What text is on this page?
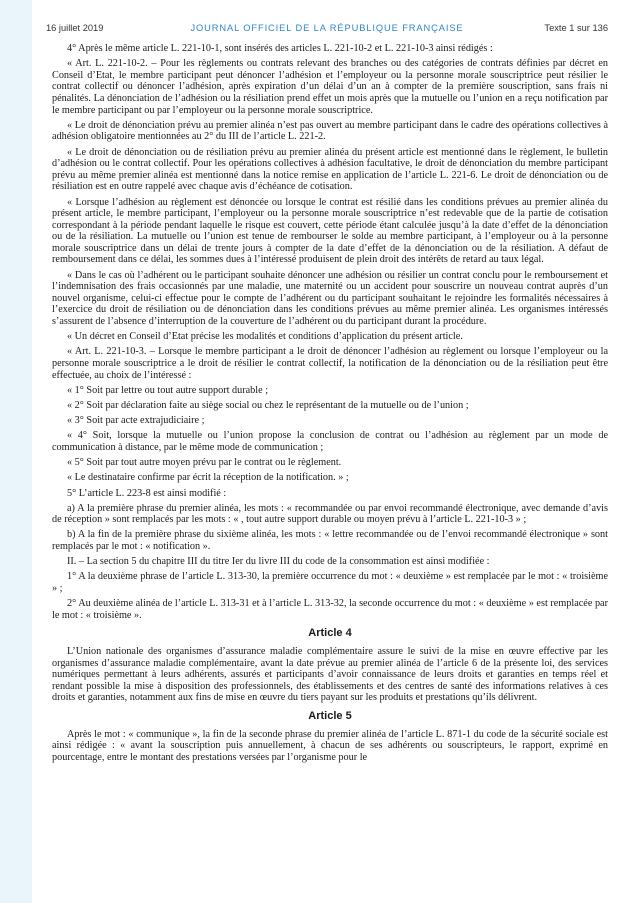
16 juillet 2019	JOURNAL OFFICIEL DE LA RÉPUBLIQUE FRANÇAISE	Texte 1 sur 136

4° Après le même article L. 221-10-1, sont insérés des articles L. 221-10-2 et L. 221-10-3 ainsi rédigés :

« Art. L. 221-10-2. – Pour les règlements ou contrats relevant des branches ou des catégories de contrats définies par décret en Conseil d’Etat, le membre participant peut dénoncer l’adhésion et l’employeur ou la personne morale souscriptrice peut résilier le contrat collectif ou dénoncer l’adhésion, après expiration d’un délai d’un an à compter de la première souscription, sans frais ni pénalités. La dénonciation de l’adhésion ou la résiliation prend effet un mois après que la mutuelle ou l’union en a reçu notification par le membre participant ou par l’employeur ou la personne morale souscriptrice.

« Le droit de dénonciation prévu au premier alinéa n’est pas ouvert au membre participant dans le cadre des opérations collectives à adhésion obligatoire mentionnées au 2° du III de l’article L. 221-2.

« Le droit de dénonciation ou de résiliation prévu au premier alinéa du présent article est mentionné dans le règlement, le bulletin d’adhésion ou le contrat collectif. Pour les opérations collectives à adhésion facultative, le droit de dénonciation du membre participant prévu au même premier alinéa est mentionné dans la notice remise en application de l’article L. 221-6. Le droit de dénonciation ou de résiliation est en outre rappelé avec chaque avis d’échéance de cotisation.

« Lorsque l’adhésion au règlement est dénoncée ou lorsque le contrat est résilié dans les conditions prévues au premier alinéa du présent article, le membre participant, l’employeur ou la personne morale souscriptrice n’est redevable que de la partie de cotisation correspondant à la période pendant laquelle le risque est couvert, cette période étant calculée jusqu’à la date d’effet de la dénonciation ou de la résiliation. La mutuelle ou l’union est tenue de rembourser le solde au membre participant, à l’employeur ou à la personne morale souscriptrice dans un délai de trente jours à compter de la date d’effet de la dénonciation ou de la résiliation. A défaut de remboursement dans ce délai, les sommes dues à l’intéressé produisent de plein droit des intérêts de retard au taux légal.

« Dans le cas où l’adhérent ou le participant souhaite dénoncer une adhésion ou résilier un contrat conclu pour le remboursement et l’indemnisation des frais occasionnés par une maladie, une maternité ou un accident pour souscrire un nouveau contrat auprès d’un nouvel organisme, celui-ci effectue pour le compte de l’adhérent ou du participant souhaitant le rejoindre les formalités nécessaires à l’exercice du droit de résiliation ou de dénonciation dans les conditions prévues au même premier alinéa. Les organismes intéressés s’assurent de l’absence d’interruption de la couverture de l’adhérent ou du participant durant la procédure.

« Un décret en Conseil d’Etat précise les modalités et conditions d’application du présent article.

« Art. L. 221-10-3. – Lorsque le membre participant a le droit de dénoncer l’adhésion au règlement ou lorsque l’employeur ou la personne morale souscriptrice a le droit de résilier le contrat collectif, la notification de la dénonciation ou de la résiliation peut être effectuée, au choix de l’intéressé :

« 1° Soit par lettre ou tout autre support durable ;

« 2° Soit par déclaration faite au siège social ou chez le représentant de la mutuelle ou de l’union ;

« 3° Soit par acte extrajudiciaire ;

« 4° Soit, lorsque la mutuelle ou l’union propose la conclusion de contrat ou l’adhésion au règlement par un mode de communication à distance, par le même mode de communication ;

« 5° Soit par tout autre moyen prévu par le contrat ou le règlement.

« Le destinataire confirme par écrit la réception de la notification. » ;

5° L’article L. 223-8 est ainsi modifié :

a) A la première phrase du premier alinéa, les mots : « recommandée ou par envoi recommandé électronique, avec demande d’avis de réception » sont remplacés par les mots : « , tout autre support durable ou moyen prévu à l’article L. 221-10-3 » ;

b) A la fin de la première phrase du sixième alinéa, les mots : « lettre recommandée ou de l’envoi recommandé électronique » sont remplacés par le mot : « notification ».

II. – La section 5 du chapitre III du titre Ier du livre III du code de la consommation est ainsi modifiée :

1° A la deuxième phrase de l’article L. 313-30, la première occurrence du mot : « deuxième » est remplacée par le mot : « troisième » ;

2° Au deuxième alinéa de l’article L. 313-31 et à l’article L. 313-32, la seconde occurrence du mot : « deuxième » est remplacée par le mot : « troisième ».

Article 4

L’Union nationale des organismes d’assurance maladie complémentaire assure le suivi de la mise en œuvre effective par les organismes d’assurance maladie complémentaire, avant la date prévue au premier alinéa de l’article 6 de la présente loi, des services numériques permettant à leurs adhérents, assurés et participants d’avoir connaissance de leurs droits et garanties en temps réel et rendant possible la mise à disposition des professionnels, des établissements et des centres de santé des informations relatives à ces droits et garanties, notamment aux fins de mise en œuvre du tiers payant sur les produits et prestations qu’ils délivrent.

Article 5

Après le mot : « communique », la fin de la seconde phrase du premier alinéa de l’article L. 871-1 du code de la sécurité sociale est ainsi rédigée : « avant la souscription puis annuellement, à chacun de ses adhérents ou souscripteurs, le rapport, exprimé en pourcentage, entre le montant des prestations versées par l’organisme pour le
